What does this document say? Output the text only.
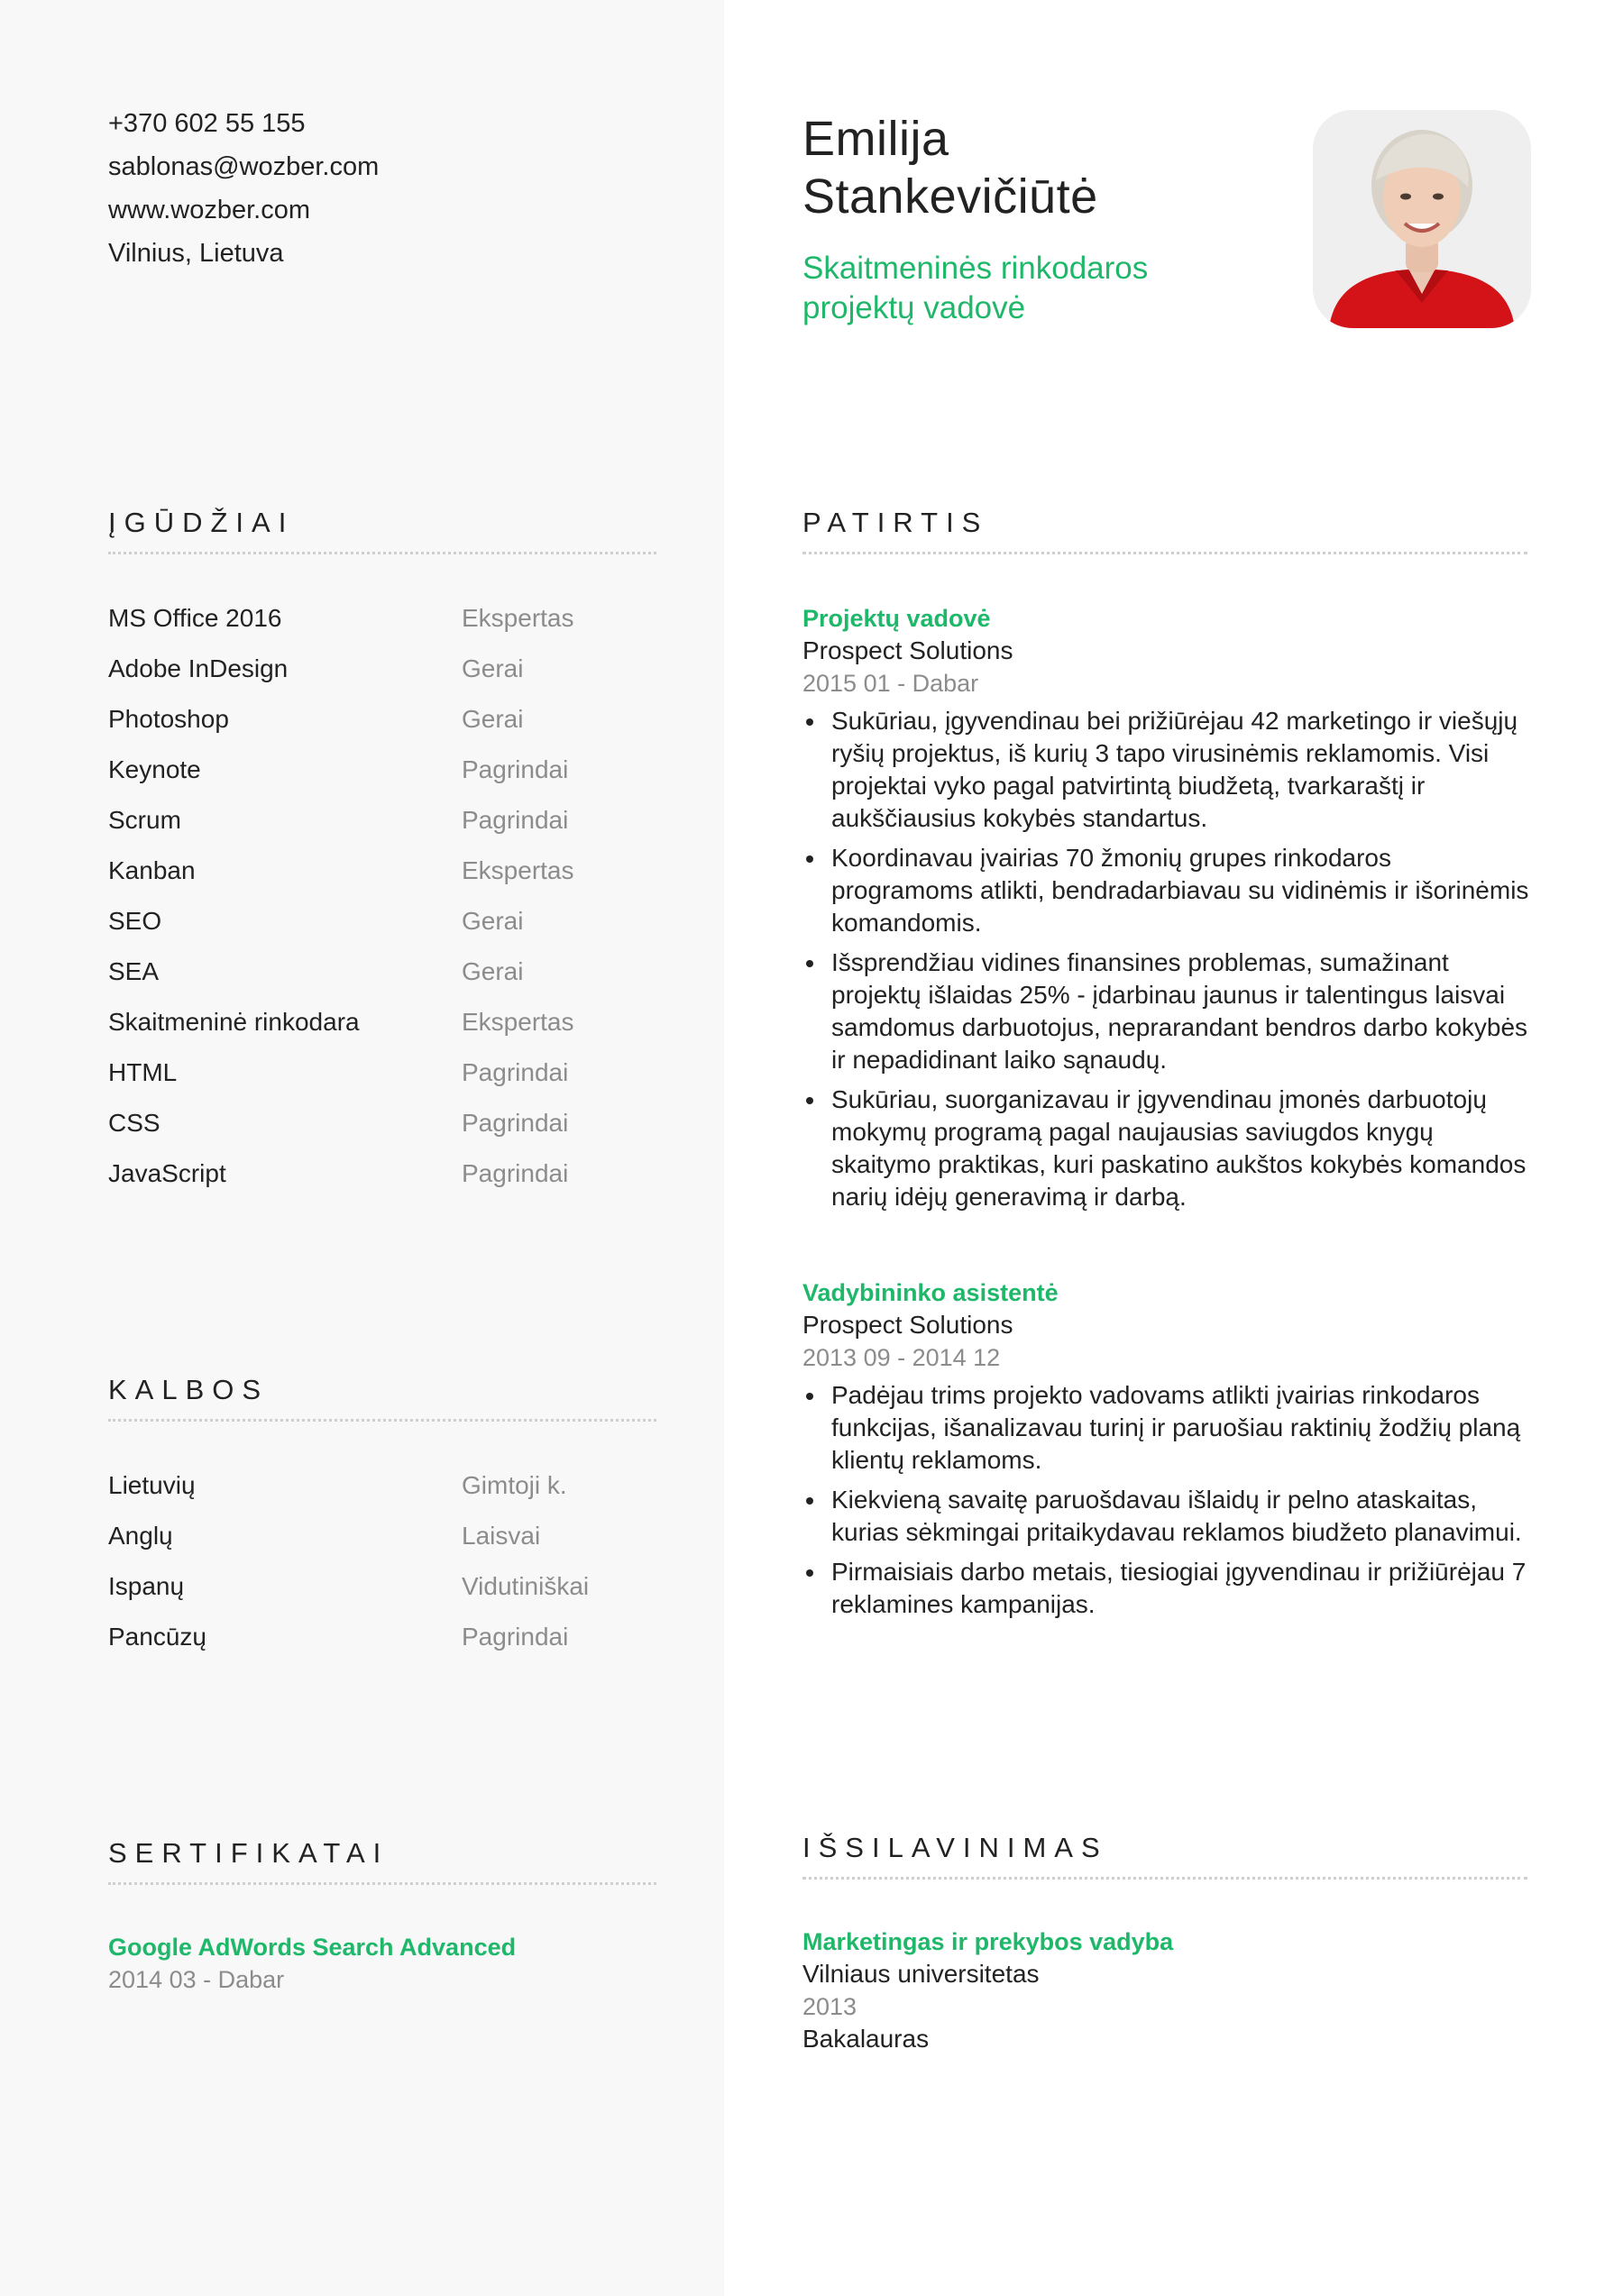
+370 602 55 155
sablonas@wozber.com
www.wozber.com
Vilnius, Lietuva
Emilija
Stankevičiūtė
Skaitmeninės rinkodaros
projektų vadovė
ĮGŪDŽIAI
MS Office 2016	Ekspertas
Adobe InDesign	Gerai
Photoshop	Gerai
Keynote	Pagrindai
Scrum	Pagrindai
Kanban	Ekspertas
SEO	Gerai
SEA	Gerai
Skaitmeninė rinkodara	Ekspertas
HTML	Pagrindai
CSS	Pagrindai
JavaScript	Pagrindai
KALBOS
Lietuvių	Gimtoji k.
Anglų	Laisvai
Ispanų	Vidutiniškai
Pancūzų	Pagrindai
SERTIFIKATAI
Google AdWords Search Advanced
2014 03 - Dabar
PATIRTIS
Projektų vadovė
Prospect Solutions
2015 01 - Dabar
Sukūriau, įgyvendinau bei prižiūrėjau 42 marketingo ir viešųjų ryšių projektus, iš kurių 3 tapo virusinėmis reklamomis. Visi projektai vyko pagal patvirtintą biudžetą, tvarkaraštį ir aukščiausius kokybės standartus.
Koordinavau įvairias 70 žmonių grupes rinkodaros programoms atlikti, bendradarbiavau su vidinėmis ir išorinėmis komandomis.
Išsprendžiau vidines finansines problemas, sumažinant projektų išlaidas 25% - įdarbinau jaunus ir talentingus laisvai samdomus darbuotojus, neprarandant bendros darbo kokybės ir nepadidinant laiko sąnaudų.
Sukūriau, suorganizavau ir įgyvendinau įmonės darbuotojų mokymų programą pagal naujausias saviugdos knygų skaitymo praktikas, kuri paskatino aukštos kokybės komandos narių idėjų generavimą ir darbą.
Vadybininko asistentė
Prospect Solutions
2013 09 - 2014 12
Padėjau trims projekto vadovams atlikti įvairias rinkodaros funkcijas, išanalizavau turinį ir paruošiau raktinių žodžių planą klientų reklamoms.
Kiekvieną savaitę paruošdavau išlaidų ir pelno ataskaitas, kurias sėkmingai pritaikydavau reklamos biudžeto planavimui.
Pirmaisiais darbo metais, tiesiogiai įgyvendinau ir prižiūrėjau 7 reklamines kampanijas.
IŠSILAVINIMAS
Marketingas ir prekybos vadyba
Vilniaus universitetas
2013
Bakalauras
